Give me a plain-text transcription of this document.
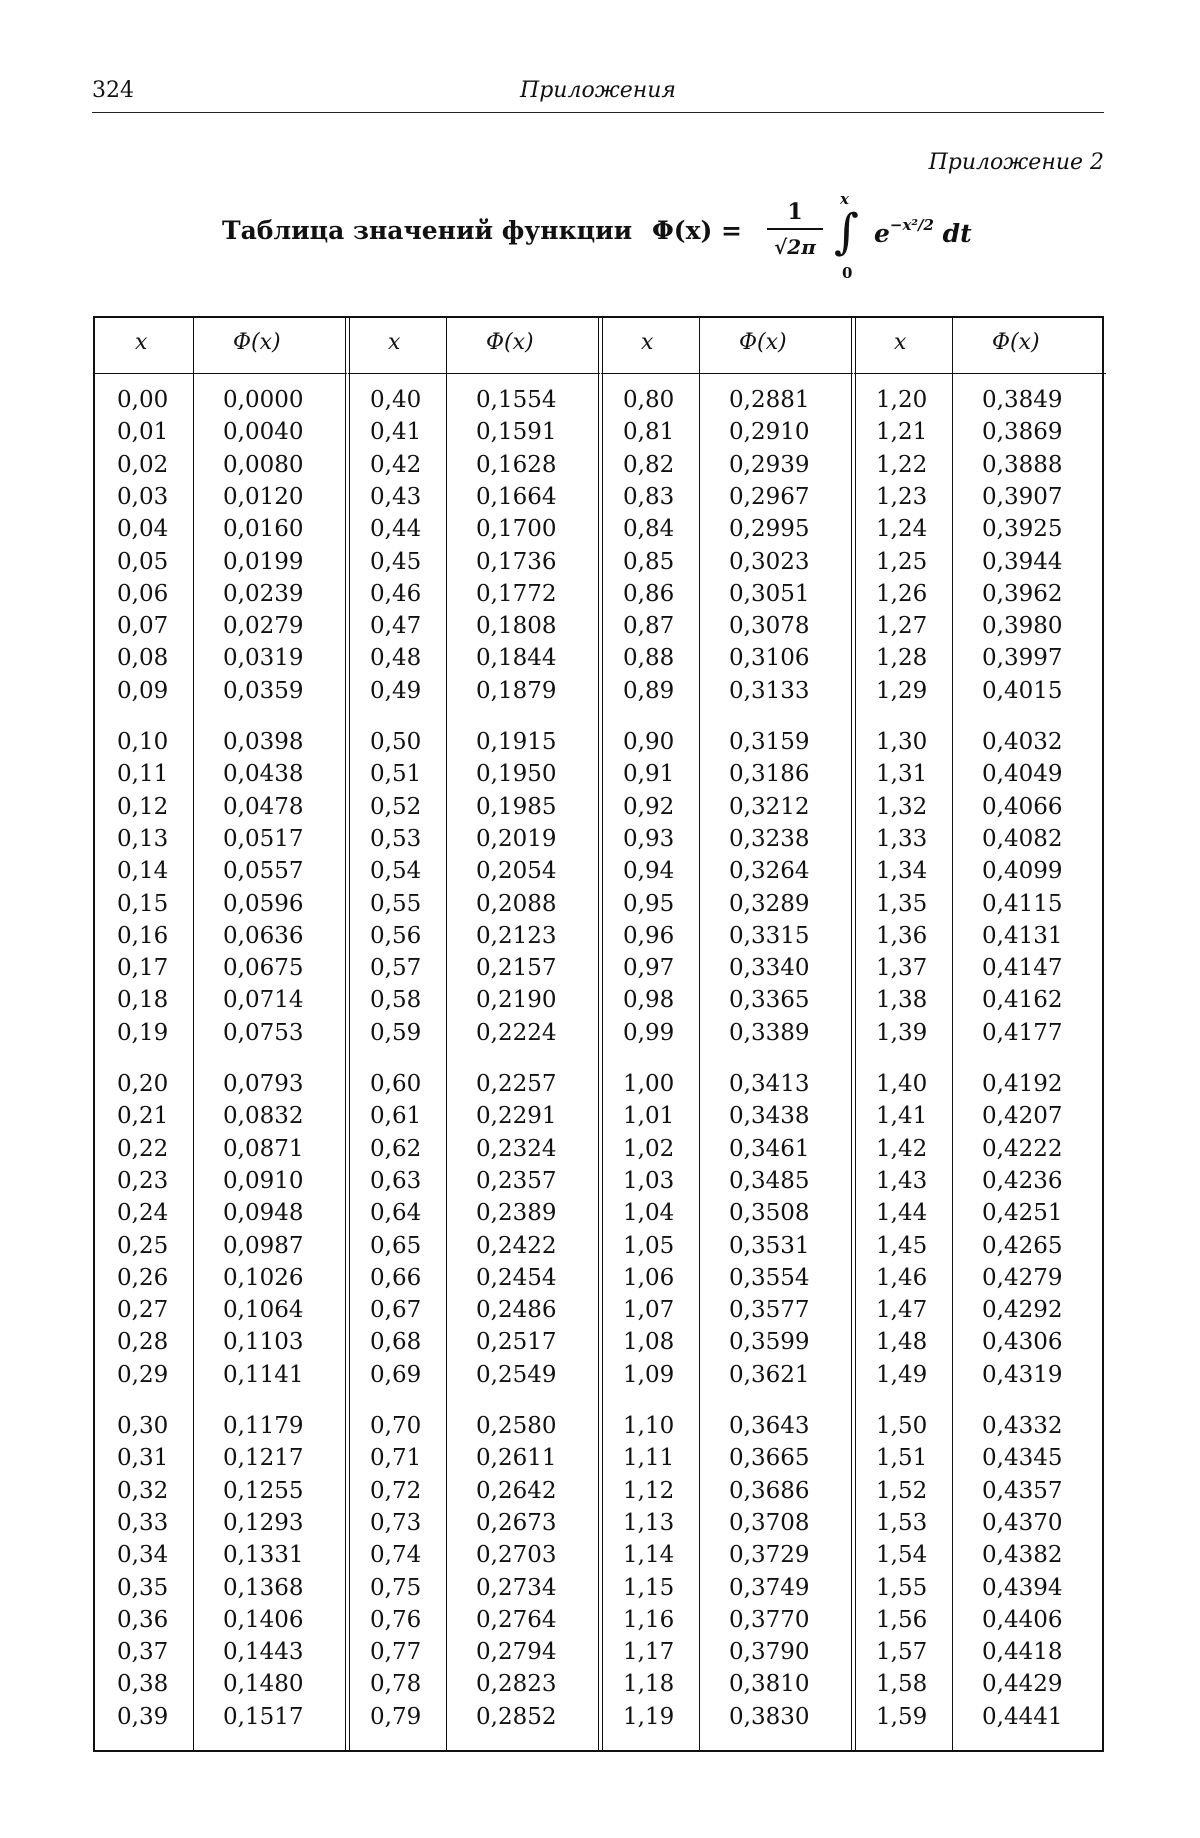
324	Приложения
Приложение 2
Таблица значений функции Φ(x) =
1
√2π
x
∫
0
$e^{-x^2/2}$ dt
x	Φ(x)
0,00 0,0000
0,01 0,0040
0,02 0,0080
0,03 0,0120
0,04 0,0160
0,05 0,0199
0,06 0,0239
0,07 0,0279
0,08 0,0319
0,09 0,0359
0,10 0,0398
0,11 0,0438
0,12 0,0478
0,13 0,0517
0,14 0,0557
0,15 0,0596
0,16 0,0636
0,17 0,0675
0,18 0,0714
0,19 0,0753
0,20 0,0793
0,21 0,0832
0,22 0,0871
0,23 0,0910
0,24 0,0948
0,25 0,0987
0,26 0,1026
0,27 0,1064
0,28 0,1103
0,29 0,1141
0,30 0,1179
0,31 0,1217
0,32 0,1255
0,33 0,1293
0,34 0,1331
0,35 0,1368
0,36 0,1406
0,37 0,1443
0,38 0,1480
0,39 0,1517
x	Φ(x)
0,40 0,1554
0,41 0,1591
0,42 0,1628
0,43 0,1664
0,44 0,1700
0,45 0,1736
0,46 0,1772
0,47 0,1808
0,48 0,1844
0,49 0,1879
0,50 0,1915
0,51 0,1950
0,52 0,1985
0,53 0,2019
0,54 0,2054
0,55 0,2088
0,56 0,2123
0,57 0,2157
0,58 0,2190
0,59 0,2224
0,60 0,2257
0,61 0,2291
0,62 0,2324
0,63 0,2357
0,64 0,2389
0,65 0,2422
0,66 0,2454
0,67 0,2486
0,68 0,2517
0,69 0,2549
0,70 0,2580
0,71 0,2611
0,72 0,2642
0,73 0,2673
0,74 0,2703
0,75 0,2734
0,76 0,2764
0,77 0,2794
0,78 0,2823
0,79 0,2852
x	Φ(x)
0,80 0,2881
0,81 0,2910
0,82 0,2939
0,83 0,2967
0,84 0,2995
0,85 0,3023
0,86 0,3051
0,87 0,3078
0,88 0,3106
0,89 0,3133
0,90 0,3159
0,91 0,3186
0,92 0,3212
0,93 0,3238
0,94 0,3264
0,95 0,3289
0,96 0,3315
0,97 0,3340
0,98 0,3365
0,99 0,3389
1,00 0,3413
1,01 0,3438
1,02 0,3461
1,03 0,3485
1,04 0,3508
1,05 0,3531
1,06 0,3554
1,07 0,3577
1,08 0,3599
1,09 0,3621
1,10 0,3643
1,11 0,3665
1,12 0,3686
1,13 0,3708
1,14 0,3729
1,15 0,3749
1,16 0,3770
1,17 0,3790
1,18 0,3810
1,19 0,3830
x	Φ(x)
1,20 0,3849
1,21 0,3869
1,22 0,3888
1,23 0,3907
1,24 0,3925
1,25 0,3944
1,26 0,3962
1,27 0,3980
1,28 0,3997
1,29 0,4015
1,30 0,4032
1,31 0,4049
1,32 0,4066
1,33 0,4082
1,34 0,4099
1,35 0,4115
1,36 0,4131
1,37 0,4147
1,38 0,4162
1,39 0,4177
1,40 0,4192
1,41 0,4207
1,42 0,4222
1,43 0,4236
1,44 0,4251
1,45 0,4265
1,46 0,4279
1,47 0,4292
1,48 0,4306
1,49 0,4319
1,50 0,4332
1,51 0,4345
1,52 0,4357
1,53 0,4370
1,54 0,4382
1,55 0,4394
1,56 0,4406
1,57 0,4418
1,58 0,4429
1,59 0,4441
